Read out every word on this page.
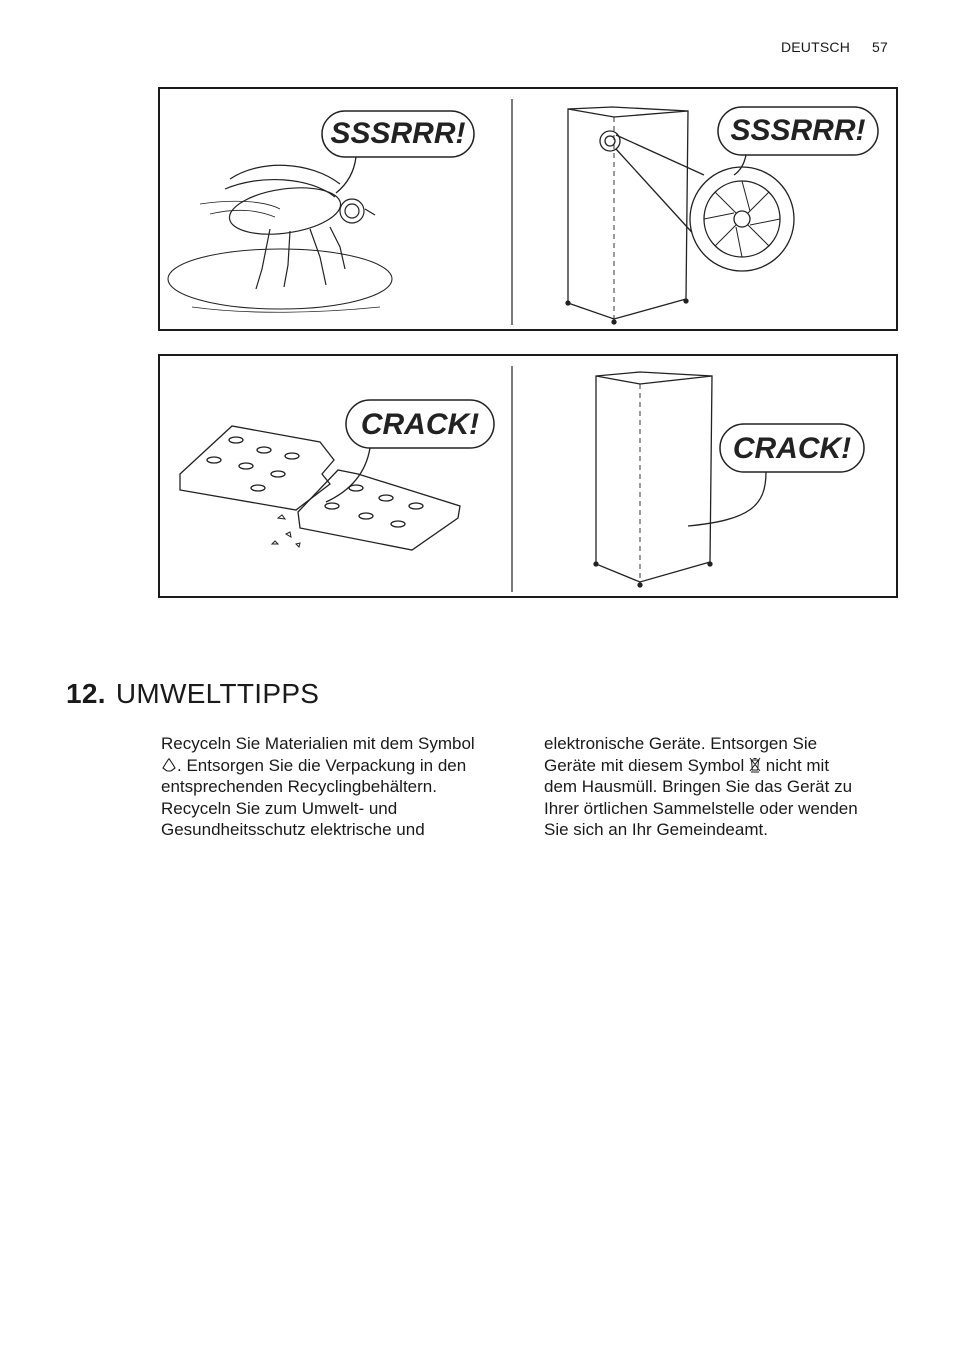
DEUTSCH 57
SSSRRR!	SSSRRR!
CRACK!
CRACK!
12. UMWELTTIPPS

Recyceln Sie Materialien mit dem Symbol . Entsorgen Sie die Verpackung in den entsprechenden Recyclingbehältern.

Recyceln Sie zum Umwelt- und Gesundheitsschutz elektrische und

elektronische Geräte. Entsorgen Sie Geräte mit diesem Symbol nicht mit dem Hausmüll. Bringen Sie das Gerät zu Ihrer örtlichen Sammelstelle oder wenden Sie sich an Ihr Gemeindeamt.
